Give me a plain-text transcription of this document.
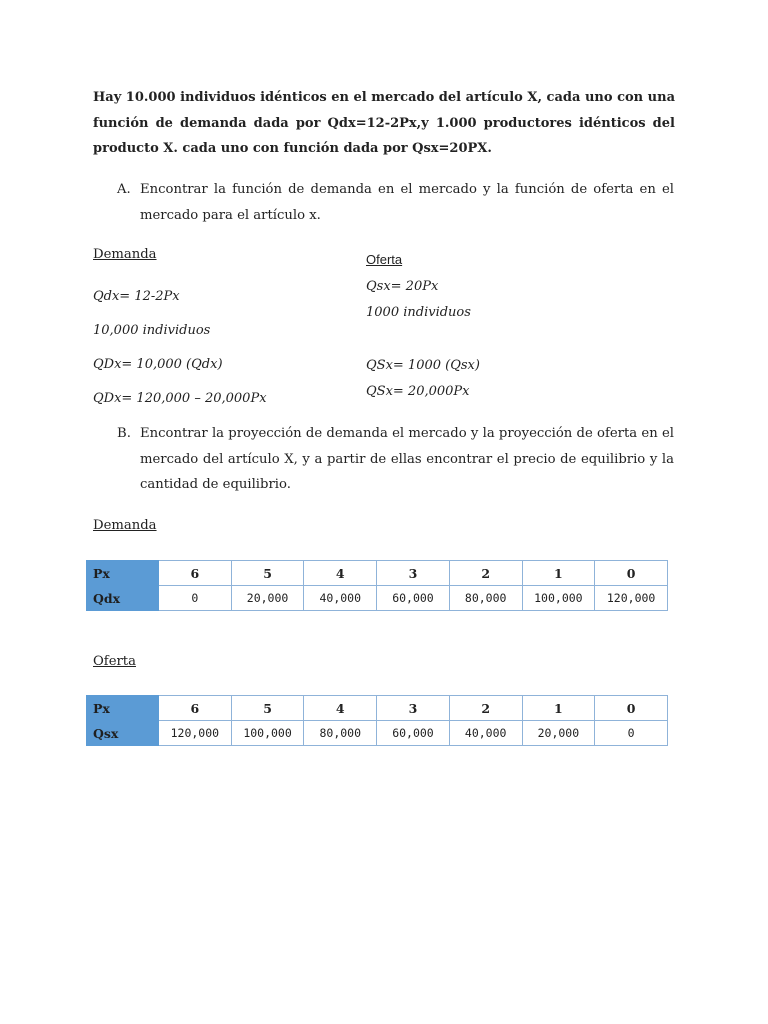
Hay 10.000 individuos idénticos en el mercado del artículo X, cada uno con una función de demanda dada por Qdx=12-2Px,y 1.000 productores idénticos del producto X. cada uno con función dada por Qsx=20PX.
A. Encontrar la función de demanda en el mercado y la función de oferta en el mercado para el artículo x.
Demanda
Qdx= 12-2Px
10,000 individuos
QDx= 10,000 (Qdx)
QDx= 120,000 – 20,000Px
Oferta
Qsx= 20Px
1000 individuos
QSx= 1000 (Qsx)
QSx= 20,000Px
B. Encontrar la proyección de demanda el mercado y la proyección de oferta en el mercado del artículo X, y a partir de ellas encontrar el precio de equilibrio y la cantidad de equilibrio.
Demanda
Px	6	5	4	3	2	1	0
Qdx	0	20,000	40,000	60,000	80,000	100,000	120,000
Oferta
Px	6	5	4	3	2	1	0
Qsx	120,000	100,000	80,000	60,000	40,000	20,000	0
